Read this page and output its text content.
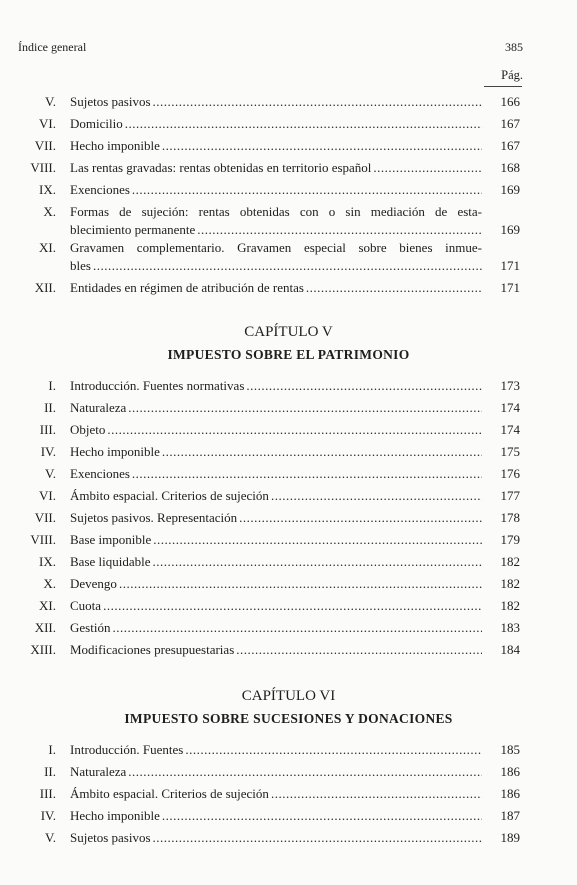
Índice general	385
Pág.
CAPÍTULO V
IMPUESTO SOBRE EL PATRIMONIO
CAPÍTULO VI
IMPUESTO SOBRE SUCESIONES Y DONACIONES
V. Sujetos pasivos .....	166
VI. Domicilio .....	167
VII. Hecho imponible .....	167
VIII. Las rentas gravadas: rentas obtenidas en territorio español .....	168
IX. Exenciones .....	169
X. Formas de sujeción: rentas obtenidas con o sin mediación de esta-
blecimiento permanente .....	169
XI. Gravamen complementario. Gravamen especial sobre bienes inmue-
bles .....	171
XII. Entidades en régimen de atribución de rentas .....	171
I. Introducción. Fuentes normativas .....	173
II. Naturaleza .....	174
III. Objeto .....	174
IV. Hecho imponible .....	175
V. Exenciones .....	176
VI. Ámbito espacial. Criterios de sujeción .....	177
VII. Sujetos pasivos. Representación .....	178
VIII. Base imponible .....	179
IX. Base liquidable .....	182
X. Devengo .....	182
XI. Cuota .....	182
XII. Gestión .....	183
XIII. Modificaciones presupuestarias .....	184
I. Introducción. Fuentes .....	185
II. Naturaleza .....	186
III. Ámbito espacial. Criterios de sujeción .....	186
IV. Hecho imponible .....	187
V. Sujetos pasivos .....	189
